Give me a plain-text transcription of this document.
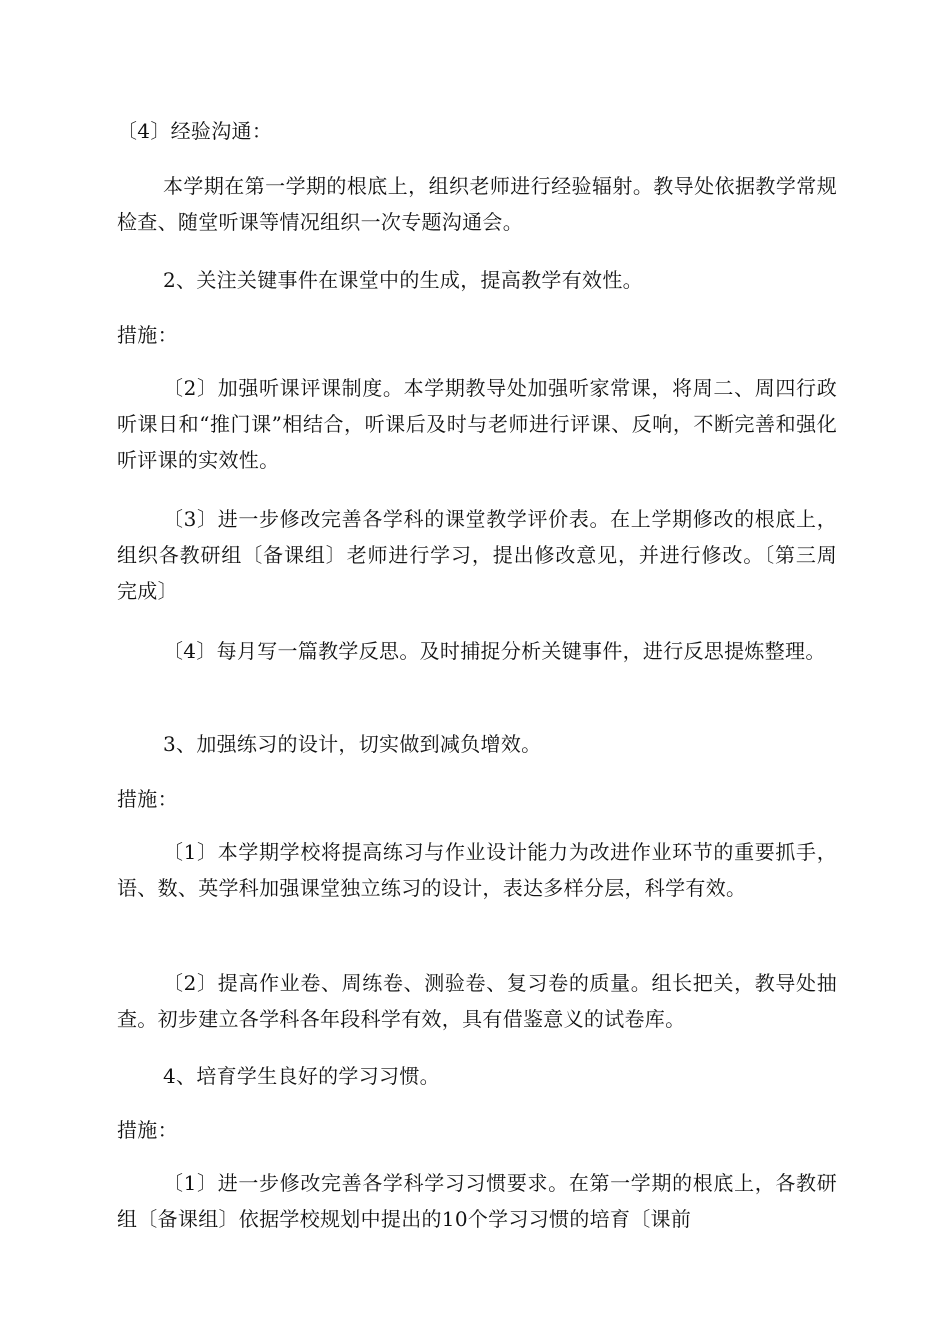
〔4〕经验沟通：

本学期在第一学期的根底上，组织老师进行经验辐射。教导处依据教学常规检查、随堂听课等情况组织一次专题沟通会。

2、关注关键事件在课堂中的生成，提高教学有效性。

措施：

〔2〕加强听课评课制度。本学期教导处加强听家常课，将周二、周四行政听课日和“推门课”相结合，听课后及时与老师进行评课、反响，不断完善和强化听评课的实效性。

〔3〕进一步修改完善各学科的课堂教学评价表。在上学期修改的根底上，组织各教研组〔备课组〕老师进行学习，提出修改意见，并进行修改。〔第三周完成〕

〔4〕每月写一篇教学反思。及时捕捉分析关键事件，进行反思提炼整理。

3、加强练习的设计，切实做到减负增效。

措施：

〔1〕本学期学校将提高练习与作业设计能力为改进作业环节的重要抓手，语、数、英学科加强课堂独立练习的设计，表达多样分层，科学有效。

〔2〕提高作业卷、周练卷、测验卷、复习卷的质量。组长把关，教导处抽查。初步建立各学科各年段科学有效，具有借鉴意义的试卷库。

4、培育学生良好的学习习惯。

措施：

〔1〕进一步修改完善各学科学习习惯要求。在第一学期的根底上，各教研组〔备课组〕依据学校规划中提出的10个学习习惯的培育〔课前
